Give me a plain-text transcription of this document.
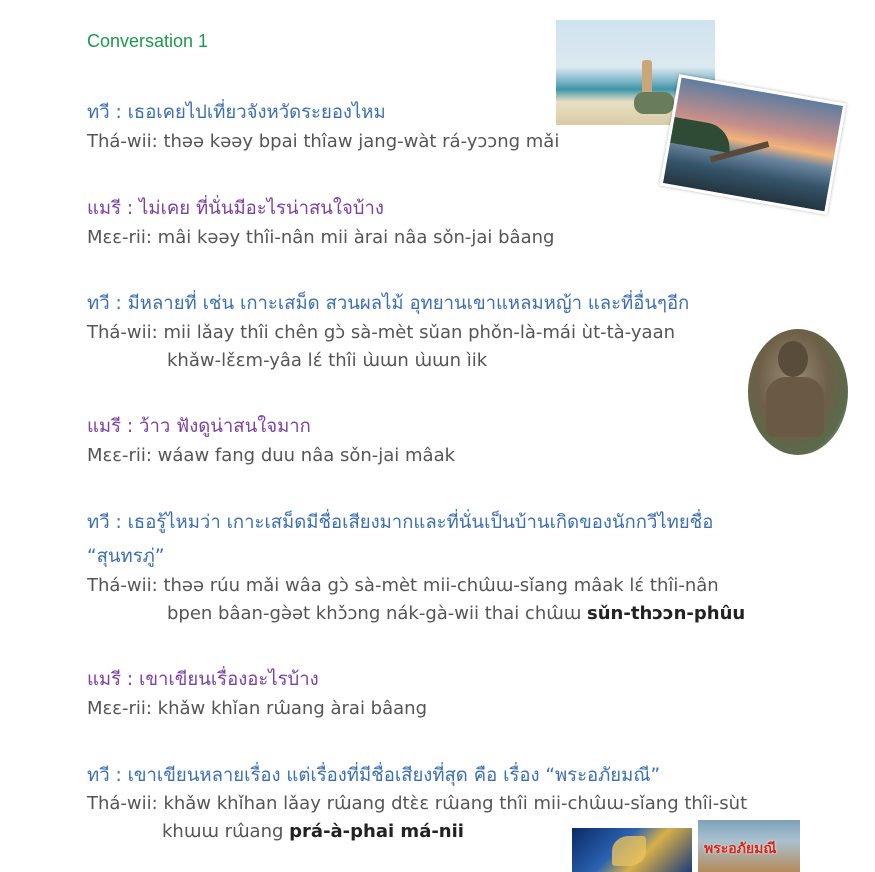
Conversation 1
พระอภัยมณี
ทวี : เธอเคยไปเที่ยวจังหวัดระยองไหม
Thá-wii: thəə kəəy bpai thîaw jang-wàt rá-yɔɔng mǎi
แมรี : ไม่เคย ที่นั่นมีอะไรน่าสนใจบ้าง
Mɛɛ-rii: mâi kəəy thîi-nân mii àrai nâa sǒn-jai bâang
ทวี : มีหลายที่ เช่น เกาะเสม็ด สวนผลไม้ อุทยานเขาแหลมหญ้า และที่อื่นๆอีก
Thá-wii: mii lǎay thîi chên gɔ̀ sà-mèt sǔan phǒn-là-mái ùt-tà-yaan
khǎw-lɛ̌ɛm-yâa lɛ́ thîi ɯ̀ɯn ɯ̀ɯn ìik
แมรี : ว้าว ฟังดูน่าสนใจมาก
Mɛɛ-rii: wáaw fang duu nâa sǒn-jai mâak
ทวี : เธอรู้ไหมว่า เกาะเสม็ดมีชื่อเสียงมากและที่นั่นเป็นบ้านเกิดของนักกวีไทยชื่อ
“สุนทรภู่”
Thá-wii: thəə rúu mǎi wâa gɔ̀ sà-mèt mii-chɯ̂ɯ-sǐang mâak lɛ́ thîi-nân
bpen bâan-gə̀ət khɔ̌ɔng nák-gà-wii thai chɯ̂ɯ sǔn-thɔɔn-phûu
แมรี : เขาเขียนเรื่องอะไรบ้าง
Mɛɛ-rii: khǎw khǐan rɯ̂ang àrai bâang
ทวี : เขาเขียนหลายเรื่อง แต่เรื่องที่มีชื่อเสียงที่สุด คือ เรื่อง “พระอภัยมณี”
Thá-wii: khǎw khǐhan lǎay rɯ̂ang dtɛ̀ɛ rɯ̂ang thîi mii-chɯ̂ɯ-sǐang thîi-sùt
khɯɯ rɯ̂ang prá-à-phai má-nii
